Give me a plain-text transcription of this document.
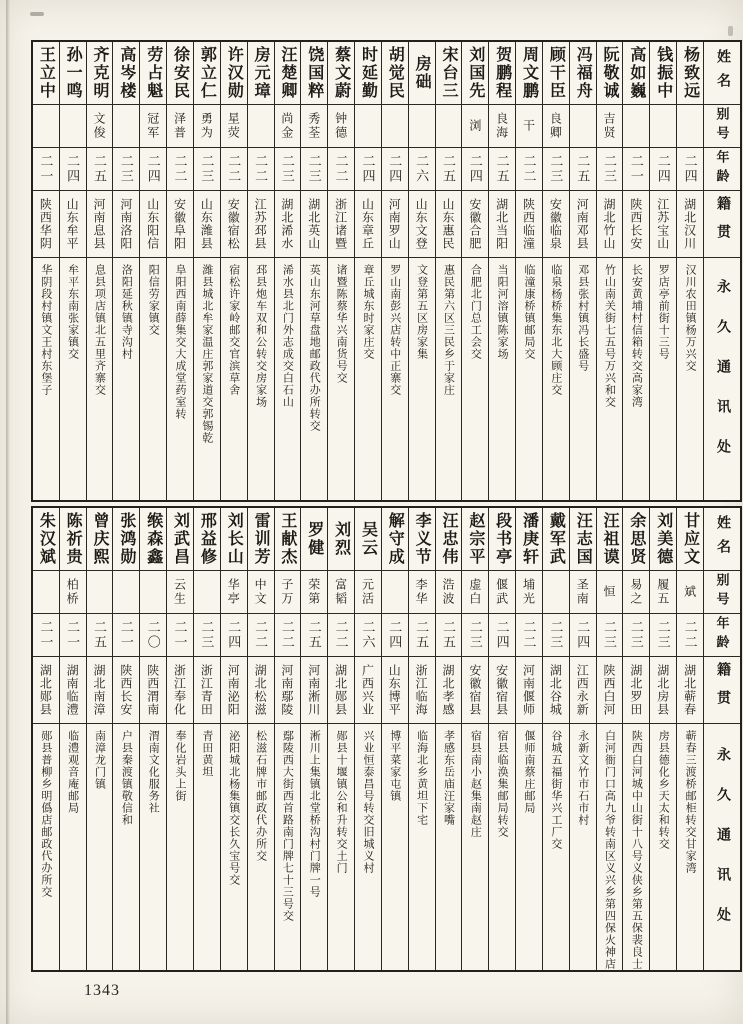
姓名
别号
年龄
籍贯
永久通讯处
杨致远
二四
湖北汉川
汉川农田镇杨万兴交
钱振中
二四
江苏宝山
罗店亭前街十三号
高如巍
二一
陕西长安
长安黄埔村信箱转交高家湾
阮敬诚
吉贤
二三
湖北竹山
竹山南关街七五号万兴和交
冯福舟
二五
河南邓县
邓县张村镇冯长盛号
顾干臣
良卿
二三
安徽临泉
临泉杨桥集东北大顾庄交
周文鹏
干
二二
陕西临潼
临潼康桥镇邮局交
贺鹏程
良海
二五
湖北当阳
当阳河溶镇陈家场
刘国先
浏
二四
安徽合肥
合肥北门总工会交
宋台三
二五
山东惠民
惠民第六区三民乡于家庄
房础
二六
山东文登
文登第五区房家集
胡觉民
二四
河南罗山
罗山南彭兴店转中正寨交
时延勤
二四
山东章丘
章丘城东时家庄交
蔡文蔚
钟德
二二
浙江诸暨
诸暨陈蔡华兴南货号交
饶国粹
秀荃
二三
湖北英山
英山东河草盘地邮政代办所转交
汪楚卿
尚金
二三
湖北浠水
浠水县北门外志成交白石山
房元璋
二二
江苏邳县
邳县炮车双和公转交房家场
许汉勋
星荧
二二
安徽宿松
宿松许家岭邮交官滨草舍
郭立仁
勇为
二三
山东潍县
潍县城北牟家温庄郭家道交郭锡乾
徐安民
泽普
二二
安徽阜阳
阜阳西南薛集交大成堂药室转
劳占魁
冠军
二四
山东阳信
阳信劳家镇交
高岑楼
二三
河南洛阳
洛阳延秋镇寺沟村
齐克明
文俊
二五
河南息县
息县项店镇北五里齐寨交
孙一鸣
二四
山东牟平
牟平东南张家镇交
王立中
二一
陕西华阴
华阴段村镇文王村东堡子
姓名
别号
年龄
籍贯
永久通讯处
甘应文
斌
二二
湖北蕲春
蕲春三渡桥邮柜转交甘家湾
刘美德
履五
二三
湖北房县
房县德化乡天太和转交
余思贤
易之
二三
湖北罗田
陕西白河城中山街十八号义侠乡第五保裴良士
汪祖谟
恒
二三
陕西白河
白河衙门口高九爷转南区义兴乡第四保火神店
汪志国
圣南
二四
江西永新
永新文竹市石市村
戴军武
二三
湖北谷城
谷城五福街华兴工厂交
潘庚轩
埔光
二二
河南偃师
偃师南蔡庄邮局
段书亭
偃武
二四
安徽宿县
宿县临涣集邮局转交
赵宗平
虚白
二三
安徽宿县
宿县南小赵集南赵庄
汪忠伟
浩波
二五
湖北孝感
孝感东岳庙汪家嘴
李义节
李华
二五
浙江临海
临海北乡黄坦下宅
解守成
二四
山东博平
博平菜家屯镇
吴云
元活
二六
广西兴业
兴业恒泰昌号转交旧城义村
刘烈
富韬
二二
湖北郧县
郧县十堰镇公和升转交土门
罗健
荣第
二五
河南淅川
淅川上集镇北堂桥沟村门牌一号
王献杰
子万
二二
河南鄢陵
鄢陵西大街西首路南门牌七十三号交
雷训芳
中文
二二
湖北松滋
松滋石牌市邮政代办所交
刘长山
华亭
二四
河南泌阳
泌阳城北杨集镇交长久宝号交
邢益修
二三
浙江青田
青田黄坦
刘武昌
云生
二一
浙江奉化
奉化岩头上街
缑森鑫
二〇
陕西渭南
渭南文化服务社
张鸿勋
二一
陕西长安
户县秦渡镇敬信和
曾庆熙
二五
湖北南漳
南漳龙门镇
陈祈贵
柏桥
二一
湖南临澧
临澧观音庵邮局
朱汉斌
二一
湖北郧县
郧县普柳乡明僞店邮政代办所交
1343
